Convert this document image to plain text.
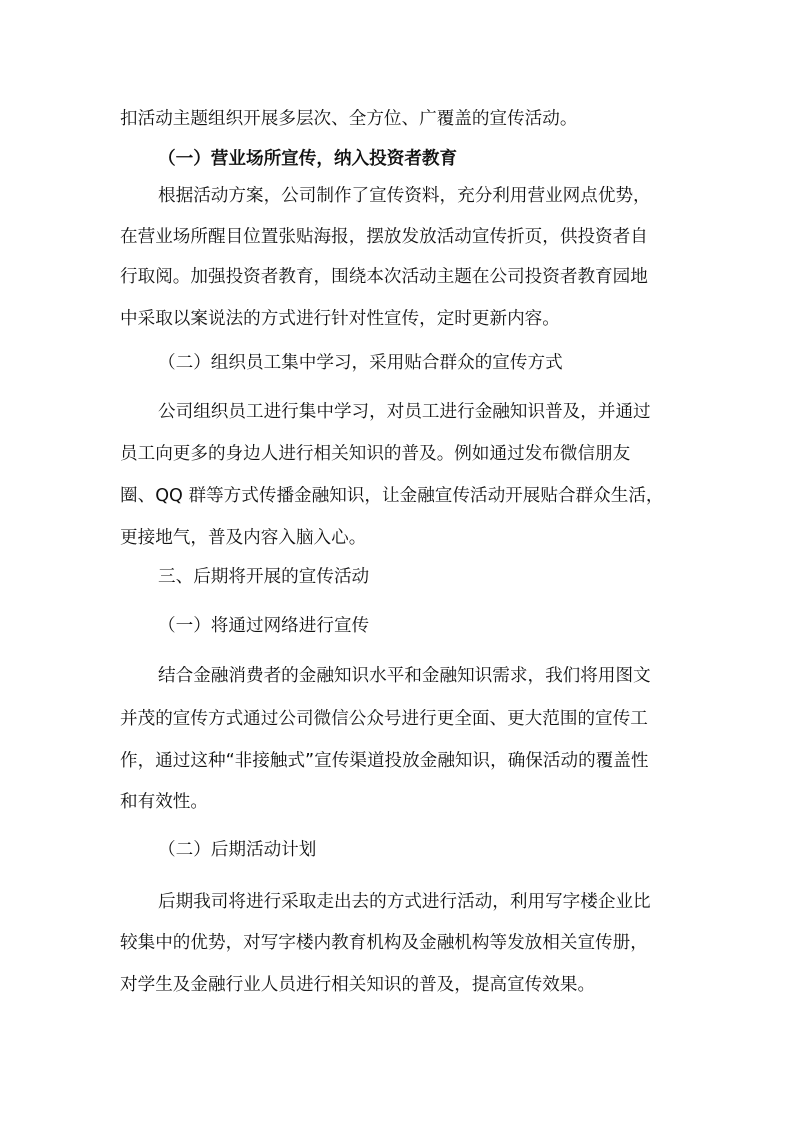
扣活动主题组织开展多层次、全方位、广覆盖的宣传活动。
（一）营业场所宣传，纳入投资者教育
根据活动方案，公司制作了宣传资料，充分利用营业网点优势，
在营业场所醒目位置张贴海报，摆放发放活动宣传折页，供投资者自
行取阅。加强投资者教育，围绕本次活动主题在公司投资者教育园地
中采取以案说法的方式进行针对性宣传，定时更新内容。
（二）组织员工集中学习，采用贴合群众的宣传方式
公司组织员工进行集中学习，对员工进行金融知识普及，并通过
员工向更多的身边人进行相关知识的普及。例如通过发布微信朋友
圈、QQ 群等方式传播金融知识，让金融宣传活动开展贴合群众生活，
更接地气，普及内容入脑入心。
三、后期将开展的宣传活动
（一）将通过网络进行宣传
结合金融消费者的金融知识水平和金融知识需求，我们将用图文
并茂的宣传方式通过公司微信公众号进行更全面、更大范围的宣传工
作，通过这种“非接触式”宣传渠道投放金融知识，确保活动的覆盖性
和有效性。
（二）后期活动计划
后期我司将进行采取走出去的方式进行活动，利用写字楼企业比
较集中的优势，对写字楼内教育机构及金融机构等发放相关宣传册，
对学生及金融行业人员进行相关知识的普及，提高宣传效果。
